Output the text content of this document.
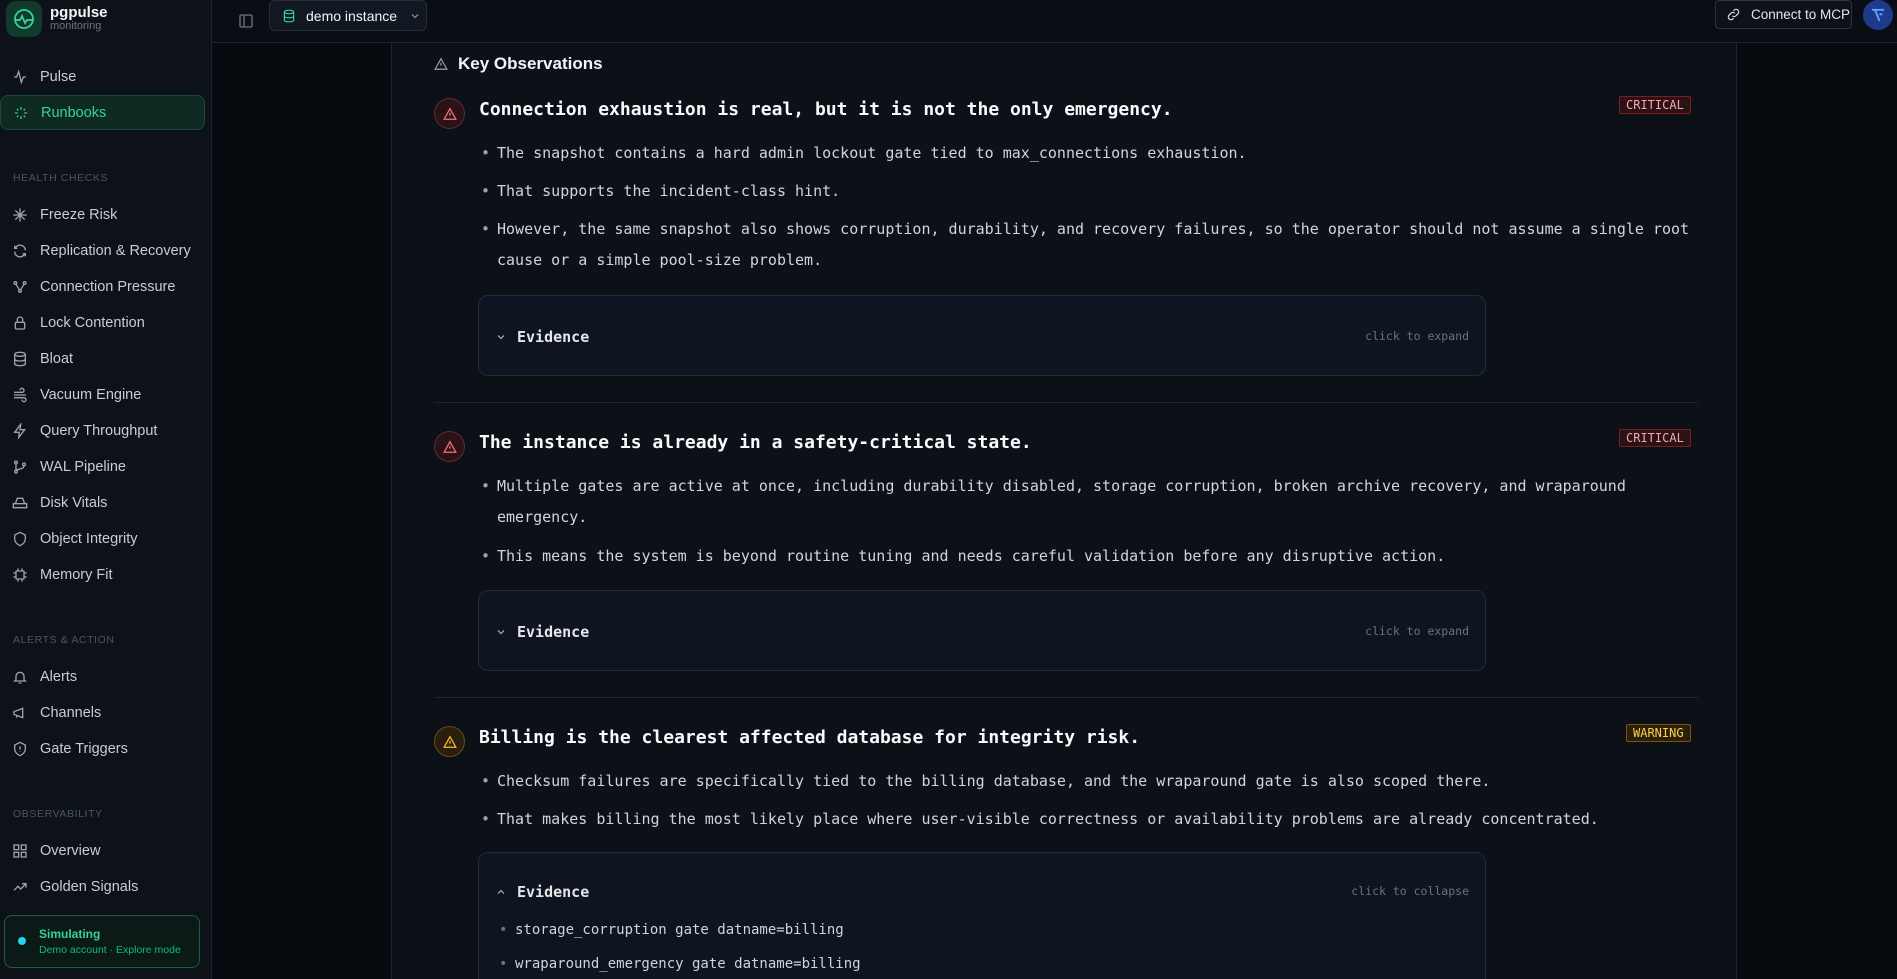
pgpulse
monitoring
Pulse
Runbooks
HEALTH CHECKS
Freeze Risk
Replication & Recovery
Connection Pressure
Lock Contention
Bloat
Vacuum Engine
Query Throughput
WAL Pipeline
Disk Vitals
Object Integrity
Memory Fit
ALERTS & ACTION
Alerts
Channels
Gate Triggers
OBSERVABILITY
Overview
Golden Signals
Simulating
Demo account · Explore mode
demo instance	Connect to MCP
Key Observations
Connection exhaustion is real, but it is not the only emergency.	CRITICAL
• The snapshot contains a hard admin lockout gate tied to max_connections exhaustion.
• That supports the incident-class hint.
• However, the same snapshot also shows corruption, durability, and recovery failures, so the operator should not assume a single root cause or a simple pool-size problem.
Evidence	click to expand
The instance is already in a safety-critical state.	CRITICAL
• Multiple gates are active at once, including durability disabled, storage corruption, broken archive recovery, and wraparound emergency.
• This means the system is beyond routine tuning and needs careful validation before any disruptive action.
Evidence	click to expand
Billing is the clearest affected database for integrity risk.	WARNING
• Checksum failures are specifically tied to the billing database, and the wraparound gate is also scoped there.
• That makes billing the most likely place where user-visible correctness or availability problems are already concentrated.
Evidence	click to collapse
• storage_corruption gate datname=billing
• wraparound_emergency gate datname=billing
